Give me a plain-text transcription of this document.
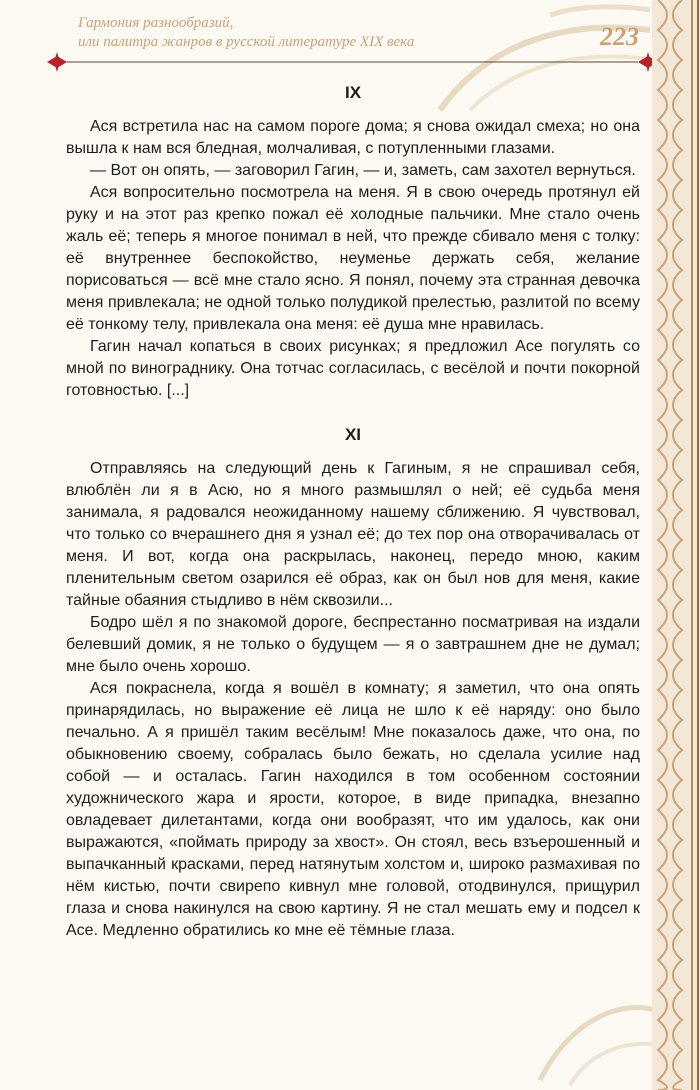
Гармония разнообразий,
или палитра жанров в русской литературе XIX века	223
IX

Ася встретила нас на самом пороге дома; я снова ожидал смеха; но она вышла к нам вся бледная, молчаливая, с потупленными глазами.

— Вот он опять, — заговорил Гагин, — и, заметь, сам захотел вернуться.

Ася вопросительно посмотрела на меня. Я в свою очередь протянул ей руку и на этот раз крепко пожал её холодные пальчики. Мне стало очень жаль её; теперь я многое понимал в ней, что прежде сбивало меня с толку: её внутреннее беспокойство, неуменье держать себя, желание порисоваться — всё мне стало ясно. Я понял, почему эта странная девочка меня привлекала; не одной только полудикой прелестью, разлитой по всему её тонкому телу, привлекала она меня: её душа мне нравилась.

Гагин начал копаться в своих рисунках; я предложил Асе погулять со мной по винограднику. Она тотчас согласилась, с весёлой и почти покорной готовностью. [...]

XI

Отправляясь на следующий день к Гагиным, я не спрашивал себя, влюблён ли я в Асю, но я много размышлял о ней; её судьба меня занимала, я радовался неожиданному нашему сближению. Я чувствовал, что только со вчерашнего дня я узнал её; до тех пор она отворачивалась от меня. И вот, когда она раскрылась, наконец, передо мною, каким пленительным светом озарился её образ, как он был нов для меня, какие тайные обаяния стыдливо в нём сквозили...

Бодро шёл я по знакомой дороге, беспрестанно посматривая на издали белевший домик, я не только о будущем — я о завтрашнем дне не думал; мне было очень хорошо.

Ася покраснела, когда я вошёл в комнату; я заметил, что она опять принарядилась, но выражение её лица не шло к её наряду: оно было печально. А я пришёл таким весёлым! Мне показалось даже, что она, по обыкновению своему, собралась было бежать, но сделала усилие над собой — и осталась. Гагин находился в том особенном состоянии художнического жара и ярости, которое, в виде припадка, внезапно овладевает дилетантами, когда они вообразят, что им удалось, как они выражаются, «поймать природу за хвост». Он стоял, весь взъерошенный и выпачканный красками, перед натянутым холстом и, широко размахивая по нём кистью, почти свирепо кивнул мне головой, отодвинулся, прищурил глаза и снова накинулся на свою картину. Я не стал мешать ему и подсел к Асе. Медленно обратились ко мне её тёмные глаза.
